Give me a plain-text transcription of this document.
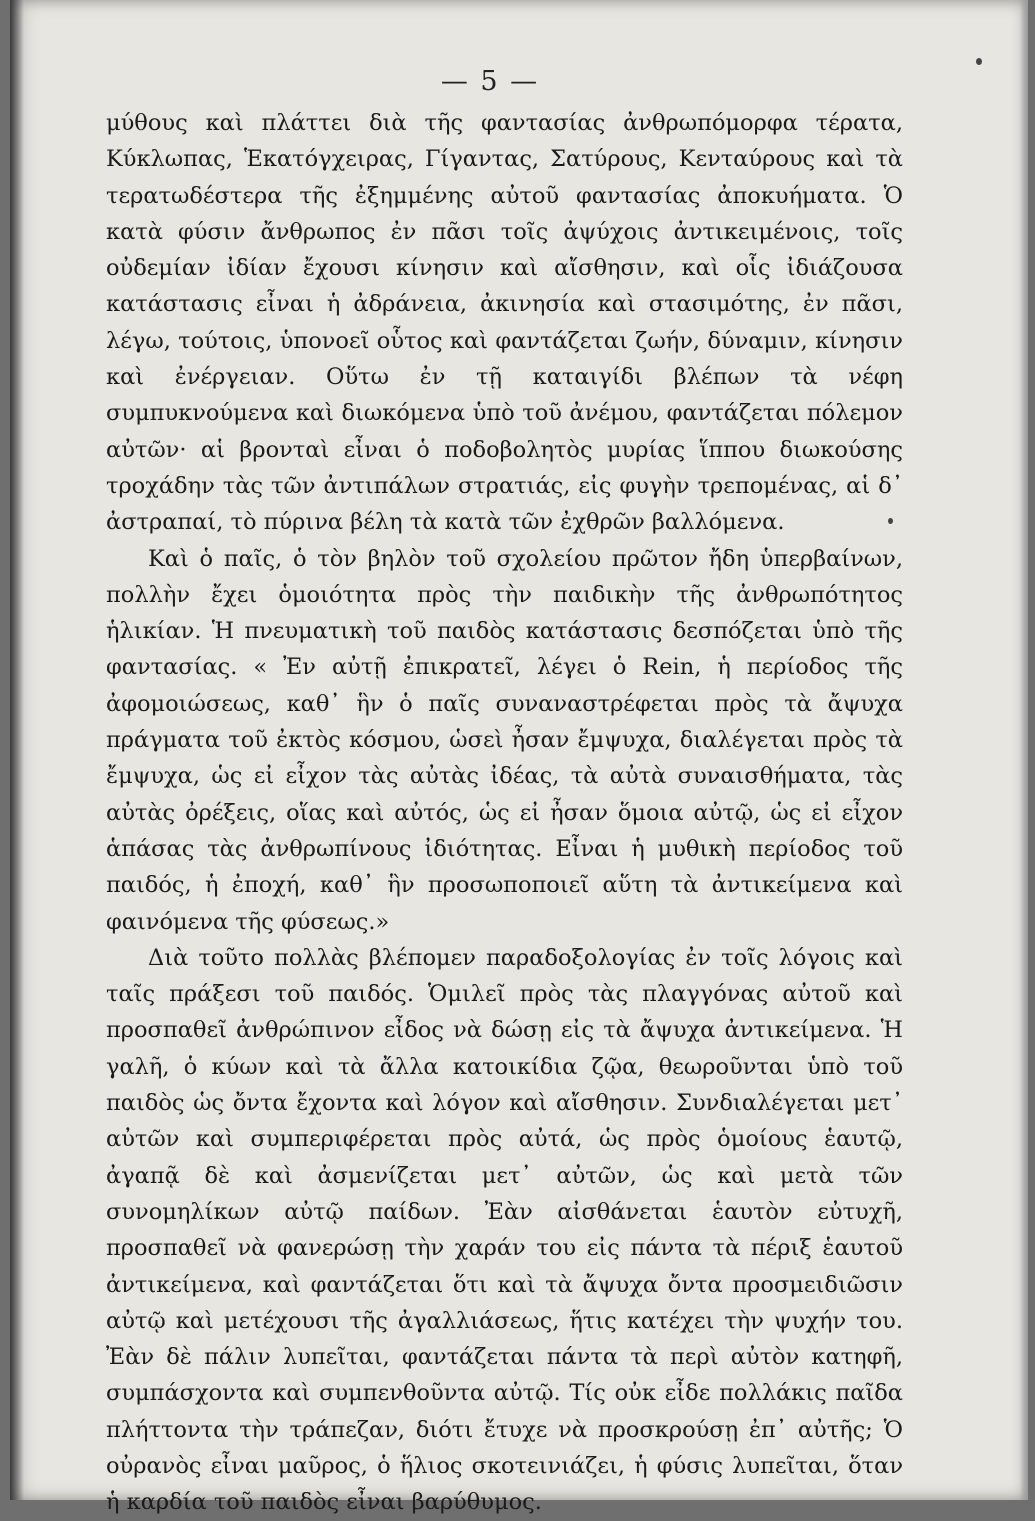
— 5 —

μύθους καὶ πλάττει διὰ τῆς φαντασίας ἀνθρωπόμορφα τέρατα, Κύκλωπας, Ἑκατόγχειρας, Γίγαντας, Σατύρους, Κενταύρους καὶ τὰ τερατωδέστερα τῆς ἐξημμένης αὐτοῦ φαντασίας ἀποκυήματα. Ὁ κατὰ φύσιν ἄνθρωπος ἐν πᾶσι τοῖς ἀψύχοις ἀντικειμένοις, τοῖς οὐδεμίαν ἰδίαν ἔχουσι κίνησιν καὶ αἴσθησιν, καὶ οἷς ἰδιάζουσα κατάστασις εἶναι ἡ ἀδράνεια, ἀκινησία καὶ στασιμότης, ἐν πᾶσι, λέγω, τούτοις, ὑπονοεῖ οὗτος καὶ φαντάζεται ζωήν, δύναμιν, κίνησιν καὶ ἐνέργειαν. Οὕτω ἐν τῇ καταιγίδι βλέπων τὰ νέφη συμπυκνούμενα καὶ διωκόμενα ὑπὸ τοῦ ἀνέμου, φαντάζεται πόλεμον αὐτῶν· αἱ βρονταὶ εἶναι ὁ ποδοβολητὸς μυρίας ἵππου διωκούσης τροχάδην τὰς τῶν ἀντιπάλων στρατιάς, εἰς φυγὴν τρεπομένας, αἱ δ᾽ ἀστραπαί, τὸ πύρινα βέλη τὰ κατὰ τῶν ἐχθρῶν βαλλόμενα.

Καὶ ὁ παῖς, ὁ τὸν βηλὸν τοῦ σχολείου πρῶτον ἤδη ὑπερβαίνων, πολλὴν ἔχει ὁμοιότητα πρὸς τὴν παιδικὴν τῆς ἀνθρωπότητος ἡλικίαν. Ἡ πνευματικὴ τοῦ παιδὸς κατάστασις δεσπόζεται ὑπὸ τῆς φαντασίας. « Ἐν αὐτῇ ἐπικρατεῖ, λέγει ὁ Rein, ἡ περίοδος τῆς ἀφομοιώσεως, καθ᾽ ἣν ὁ παῖς συναναστρέφεται πρὸς τὰ ἄψυχα πράγματα τοῦ ἐκτὸς κόσμου, ὡσεὶ ἦσαν ἔμψυχα, διαλέγεται πρὸς τὰ ἔμψυχα, ὡς εἰ εἶχον τὰς αὐτὰς ἰδέας, τὰ αὐτὰ συναισθήματα, τὰς αὐτὰς ὀρέξεις, οἵας καὶ αὐτός, ὡς εἰ ἦσαν ὅμοια αὐτῷ, ὡς εἰ εἶχον ἁπάσας τὰς ἀνθρωπίνους ἰδιότητας. Εἶναι ἡ μυθικὴ περίοδος τοῦ παιδός, ἡ ἐποχή, καθ᾽ ἣν προσωποποιεῖ αὕτη τὰ ἀντικείμενα καὶ φαινόμενα τῆς φύσεως.»

Διὰ τοῦτο πολλὰς βλέπομεν παραδοξολογίας ἐν τοῖς λόγοις καὶ ταῖς πράξεσι τοῦ παιδός. Ὁμιλεῖ πρὸς τὰς πλαγγόνας αὐτοῦ καὶ προσπαθεῖ ἀνθρώπινον εἶδος νὰ δώσῃ εἰς τὰ ἄψυχα ἀντικείμενα. Ἡ γαλῆ, ὁ κύων καὶ τὰ ἄλλα κατοικίδια ζῷα, θεωροῦνται ὑπὸ τοῦ παιδὸς ὡς ὄντα ἔχοντα καὶ λόγον καὶ αἴσθησιν. Συνδιαλέγεται μετ᾽ αὐτῶν καὶ συμπεριφέρεται πρὸς αὐτά, ὡς πρὸς ὁμοίους ἑαυτῷ, ἀγαπᾷ δὲ καὶ ἀσμενίζεται μετ᾽ αὐτῶν, ὡς καὶ μετὰ τῶν συνομηλίκων αὐτῷ παίδων. Ἐὰν αἰσθάνεται ἑαυτὸν εὐτυχῆ, προσπαθεῖ νὰ φανερώσῃ τὴν χαράν του εἰς πάντα τὰ πέριξ ἑαυτοῦ ἀντικείμενα, καὶ φαντάζεται ὅτι καὶ τὰ ἄψυχα ὄντα προσμειδιῶσιν αὐτῷ καὶ μετέχουσι τῆς ἀγαλλιάσεως, ἥτις κατέχει τὴν ψυχήν του. Ἐὰν δὲ πάλιν λυπεῖται, φαντάζεται πάντα τὰ περὶ αὐτὸν κατηφῆ, συμπάσχοντα καὶ συμπενθοῦντα αὐτῷ. Τίς οὐκ εἶδε πολλάκις παῖδα πλήττοντα τὴν τράπεζαν, διότι ἔτυχε νὰ προσκρούσῃ ἐπ᾽ αὐτῆς; Ὁ οὐρανὸς εἶναι μαῦρος, ὁ ἥλιος σκοτεινιάζει, ἡ φύσις λυπεῖται, ὅταν ἡ καρδία τοῦ παιδὸς εἶναι βαρύθυμος.
